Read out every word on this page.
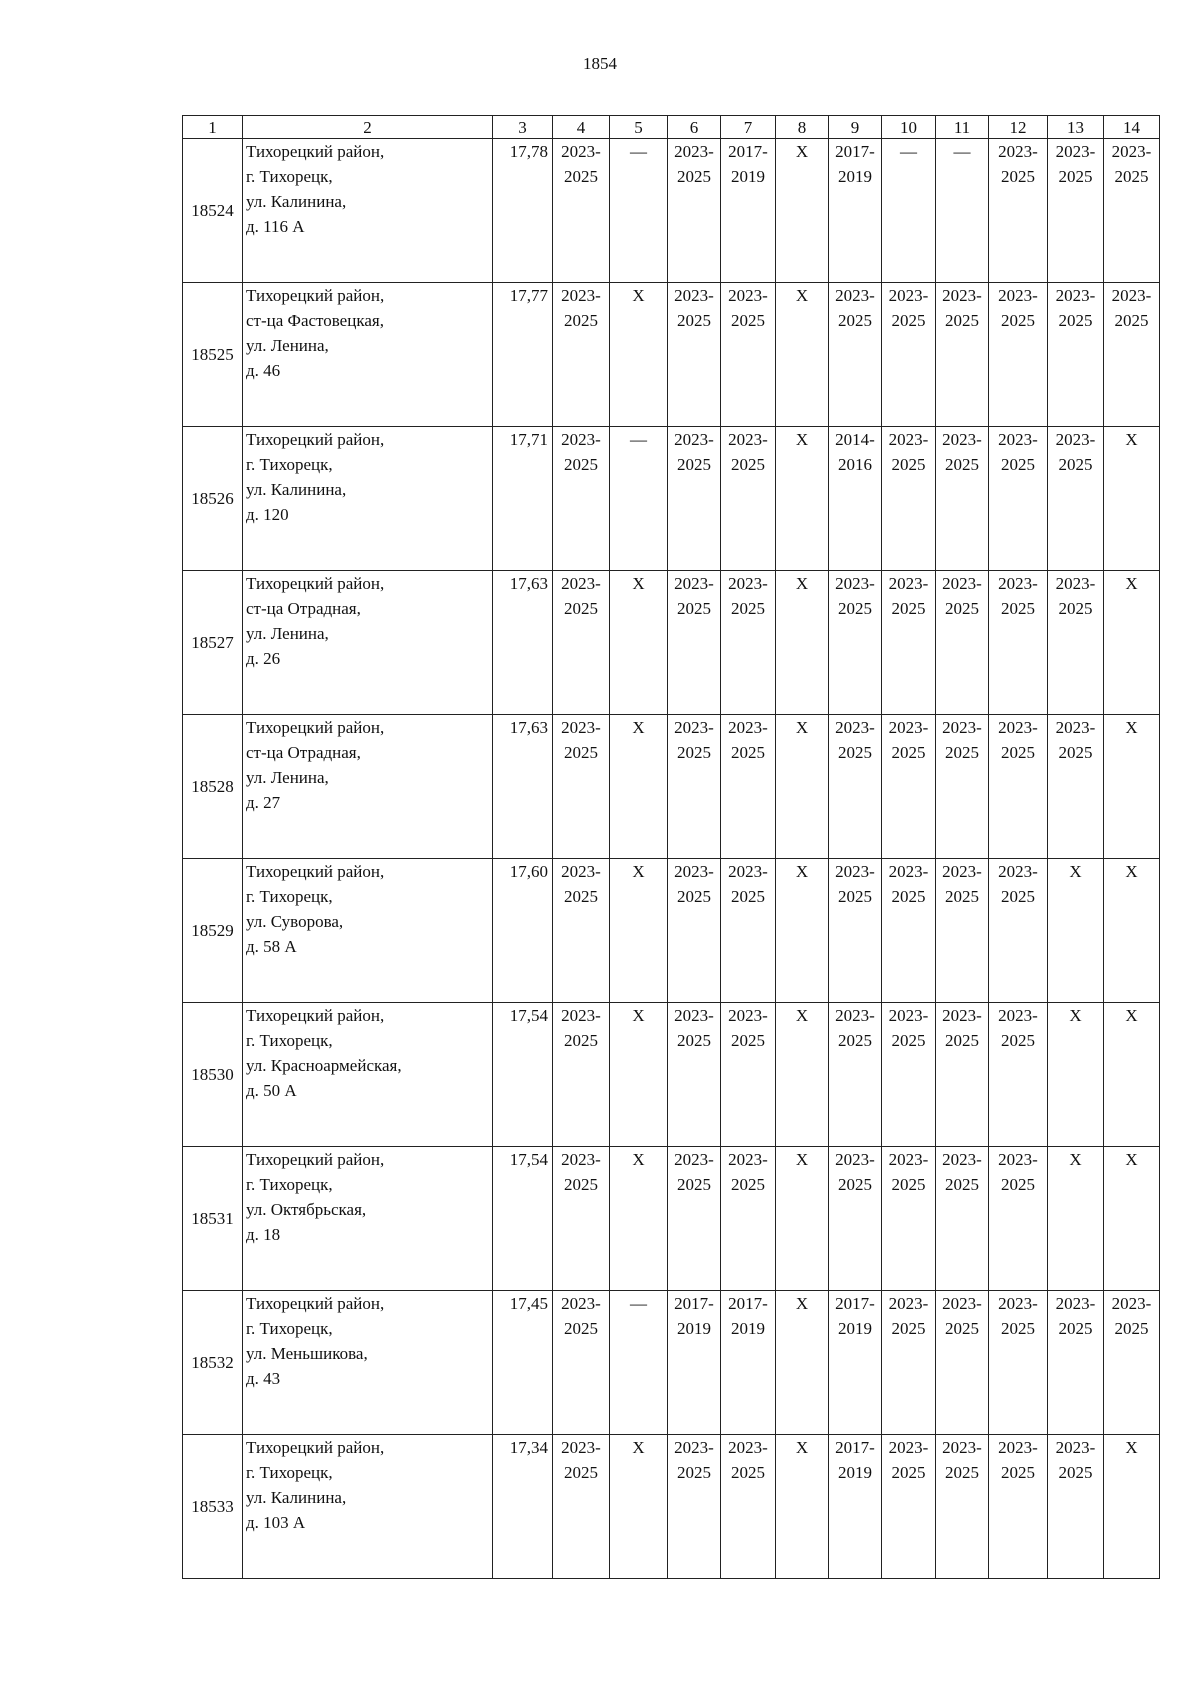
1854
1	2	3	4	5	6	7	8	9	10	11	12	13	14
18524	Тихорецкий район,
г. Тихорецк,
ул. Калинина,
д. 116 А	17,78	2023-
2025	—	2023-
2025	2017-
2019	Х	2017-
2019	—	—	2023-
2025	2023-
2025	2023-
2025

18525	Тихорецкий район,
ст-ца Фастовецкая,
ул. Ленина,
д. 46	17,77	2023-
2025	Х	2023-
2025	2023-
2025	Х	2023-
2025	2023-
2025	2023-
2025	2023-
2025	2023-
2025	2023-
2025

18526	Тихорецкий район,
г. Тихорецк,
ул. Калинина,
д. 120	17,71	2023-
2025	—	2023-
2025	2023-
2025	Х	2014-
2016	2023-
2025	2023-
2025	2023-
2025	2023-
2025	Х

18527	Тихорецкий район,
ст-ца Отрадная,
ул. Ленина,
д. 26	17,63	2023-
2025	Х	2023-
2025	2023-
2025	Х	2023-
2025	2023-
2025	2023-
2025	2023-
2025	2023-
2025	Х

18528	Тихорецкий район,
ст-ца Отрадная,
ул. Ленина,
д. 27	17,63	2023-
2025	Х	2023-
2025	2023-
2025	Х	2023-
2025	2023-
2025	2023-
2025	2023-
2025	2023-
2025	Х

18529	Тихорецкий район,
г. Тихорецк,
ул. Суворова,
д. 58 А	17,60	2023-
2025	Х	2023-
2025	2023-
2025	Х	2023-
2025	2023-
2025	2023-
2025	2023-
2025	Х	Х

18530	Тихорецкий район,
г. Тихорецк,
ул. Красноармейская,
д. 50 А	17,54	2023-
2025	Х	2023-
2025	2023-
2025	Х	2023-
2025	2023-
2025	2023-
2025	2023-
2025	Х	Х

18531	Тихорецкий район,
г. Тихорецк,
ул. Октябрьская,
д. 18	17,54	2023-
2025	Х	2023-
2025	2023-
2025	Х	2023-
2025	2023-
2025	2023-
2025	2023-
2025	Х	Х

18532	Тихорецкий район,
г. Тихорецк,
ул. Меньшикова,
д. 43	17,45	2023-
2025	—	2017-
2019	2017-
2019	Х	2017-
2019	2023-
2025	2023-
2025	2023-
2025	2023-
2025	2023-
2025

18533	Тихорецкий район,
г. Тихорецк,
ул. Калинина,
д. 103 А	17,34	2023-
2025	Х	2023-
2025	2023-
2025	Х	2017-
2019	2023-
2025	2023-
2025	2023-
2025	2023-
2025	Х
